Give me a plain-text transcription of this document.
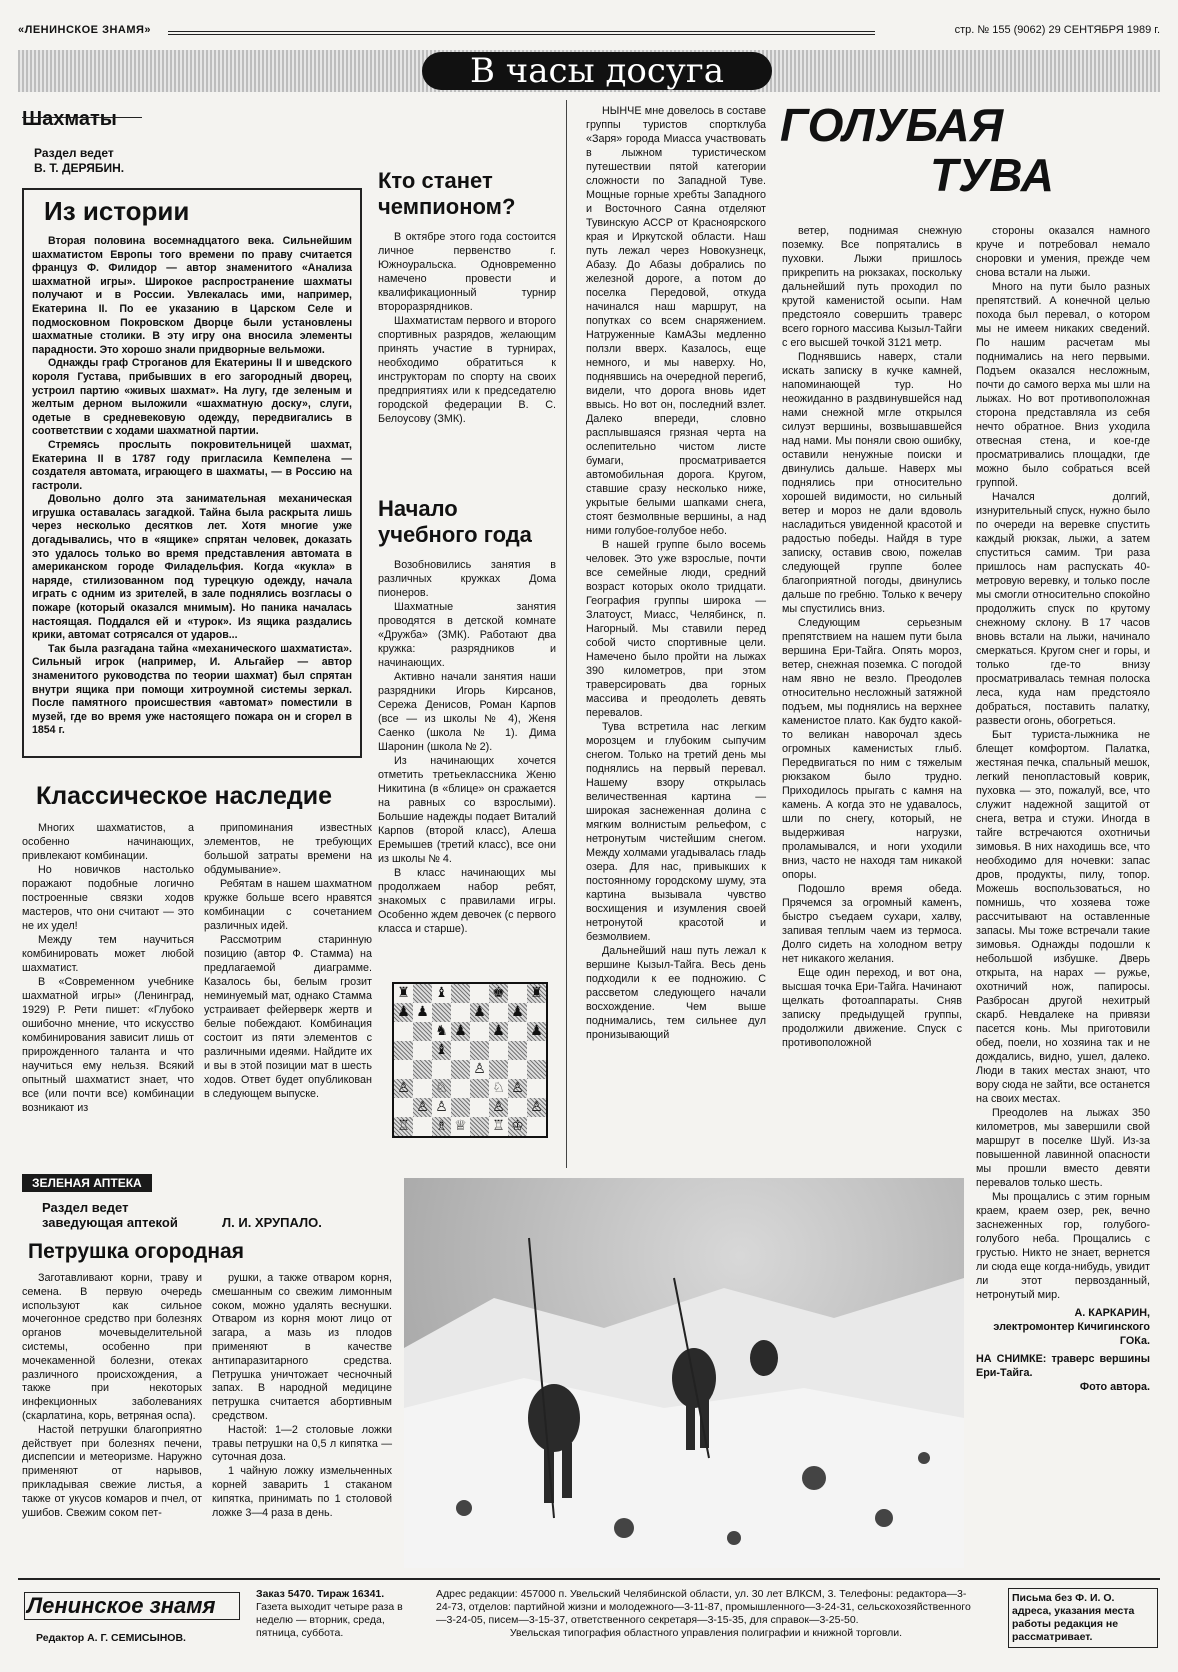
«ЛЕНИНСКОЕ ЗНАМЯ»	стр. № 155 (9062) 29 СЕНТЯБРЯ 1989 г.
В часы досуга
Шахматы
Раздел ведет
В. Т. ДЕРЯБИН.
Из истории

Вторая половина восемнадцатого века. Сильнейшим шахматистом Европы того времени по праву считается француз Ф. Филидор — автор знаменитого «Анализа шахматной игры». Широкое распространение шахматы получают и в России. Увлекалась ими, например, Екатерина II. По ее указанию в Царском Селе и подмосковном Покровском Дворце были установлены шахматные столики. В эту игру она вносила элементы парадности. Это хорошо знали придворные вельможи.

Однажды граф Строганов для Екатерины II и шведского короля Густава, прибывших в его загородный дворец, устроил партию «живых шахмат». На лугу, где зеленым и желтым дерном выложили «шахматную доску», слуги, одетые в средневековую одежду, передвигались в соответствии с ходами шахматной партии.

Стремясь прослыть покровительницей шахмат, Екатерина II в 1787 году пригласила Кемпелена — создателя автомата, играющего в шахматы, — в Россию на гастроли.

Довольно долго эта занимательная механическая игрушка оставалась загадкой. Тайна была раскрыта лишь через несколько десятков лет. Хотя многие уже догадывались, что в «ящике» спрятан человек, доказать это удалось только во время представления автомата в американском городе Филадельфия. Когда «кукла» в наряде, стилизованном под турецкую одежду, начала играть с одним из зрителей, в зале поднялись возгласы о пожаре (который оказался мнимым). Но паника началась настоящая. Поддался ей и «турок». Из ящика раздались крики, автомат сотрясался от ударов...

Так была разгадана тайна «механического шахматиста». Сильный игрок (например, И. Альгайер — автор знаменитого руководства по теории шахмат) был спрятан внутри ящика при помощи хитроумной системы зеркал. После памятного происшествия «автомат» поместили в музей, где во время уже настоящего пожара он и сгорел в 1854 г.

Кто станет чемпионом?

В октябре этого года состоится личное первенство г. Южноуральска. Одновременно намечено провести и квалификационный турнир второразрядников.

Шахматистам первого и второго спортивных разрядов, желающим принять участие в турнирах, необходимо обратиться к инструкторам по спорту на своих предприятиях или к председателю городской федерации В. С. Белоусову (ЗМК).

Начало учебного года

Возобновились занятия в различных кружках Дома пионеров.

Шахматные занятия проводятся в детской комнате «Дружба» (ЗМК). Работают два кружка: разрядников и начинающих.

Активно начали занятия наши разрядники Игорь Кирсанов, Сережа Денисов, Роман Карпов (все — из школы № 4), Женя Саенко (школа № 1). Дима Шаронин (школа № 2).

Из начинающих хочется отметить третьеклассника Женю Никитина (в «блице» он сражается на равных со взрослыми). Большие надежды подает Виталий Карпов (второй класс), Алеша Еремышев (третий класс), все они из школы № 4.

В класс начинающих мы продолжаем набор ребят, знакомых с правилами игры. Особенно ждем девочек (с первого класса и старше).

♜ ♝	♚ ♜
♟ ♟	♟ ♟
♞ ♟ ♟ ♟
♝
♙
♙ ♘	♘ ♙
♙ ♙	♙ ♙
♖ ♗ ♕ ♖ ♔
Классическое наследие

Многих шахматистов, а особенно начинающих, привлекают комбинации.

Но новичков настолько поражают подобные логично построенные связки ходов мастеров, что они считают — это не их удел!

Между тем научиться комбинировать может любой шахматист.

В «Современном учебнике шахматной игры» (Ленинград, 1929) Р. Рети пишет: «Глубоко ошибочно мнение, что искусство комбинирования зависит лишь от прирожденного таланта и что научиться ему нельзя. Всякий опытный шахматист знает, что все (или почти все) комбинации возникают из

припоминания известных элементов, не требующих большой затраты времени на обдумывание».

Ребятам в нашем шахматном кружке больше всего нравятся комбинации с сочетанием различных идей.

Рассмотрим старинную позицию (автор Ф. Стамма) на предлагаемой диаграмме. Казалось бы, белым грозит неминуемый мат, однако Стамма устраивает фейерверк жертв и белые побеждают. Комбинация состоит из пяти элементов с различными идеями. Найдите их и вы в этой позиции мат в шесть ходов. Ответ будет опубликован в следующем выпуске.

ЗЕЛЕНАЯ АПТЕКА
Раздел ведет заведующая аптекой	Л. И. ХРУПАЛО.
Петрушка огородная

Заготавливают корни, траву и семена. В первую очередь используют как сильное мочегонное средство при болезнях органов мочевыделительной системы, особенно при мочекаменной болезни, отеках различного происхождения, а также при некоторых инфекционных заболеваниях (скарлатина, корь, ветряная оспа).

Настой петрушки благоприятно действует при болезнях печени, диспепсии и метеоризме. Наружно применяют от нарывов, прикладывая свежие листья, а также от укусов комаров и пчел, от ушибов. Свежим соком пет-

рушки, а также отваром корня, смешанным со свежим лимонным соком, можно удалять веснушки. Отваром из корня моют лицо от загара, а мазь из плодов применяют в качестве антипаразитарного средства. Петрушка уничтожает чесночный запах. В народной медицине петрушка считается абортивным средством.

Настой: 1—2 столовые ложки травы петрушки на 0,5 л кипятка — суточная доза.

1 чайную ложку измельченных корней заварить 1 стаканом кипятка, принимать по 1 столовой ложке 3—4 раза в день.

ГОЛУБАЯ
ТУВА

НЫНЧЕ мне довелось в составе группы туристов спортклуба «Заря» города Миасса участвовать в лыжном туристическом путешествии пятой категории сложности по Западной Туве. Мощные горные хребты Западного и Восточного Саяна отделяют Тувинскую АССР от Красноярского края и Иркутской области. Наш путь лежал через Новокузнецк, Абазу. До Абазы добрались по железной дороге, а потом до поселка Передовой, откуда начинался наш маршрут, на попутках со всем снаряжением. Натруженные КамАЗы медленно ползли вверх. Казалось, еще немного, и мы наверху. Но, поднявшись на очередной перегиб, видели, что дорога вновь идет ввысь. Но вот он, последний взлет. Далеко впереди, словно расплывшаяся грязная черта на ослепительно чистом листе бумаги, просматривается автомобильная дорога. Кругом, ставшие сразу несколько ниже, укрытые белыми шапками снега, стоят безмолвные вершины, а над ними голубое-голубое небо.

В нашей группе было восемь человек. Это уже взрослые, почти все семейные люди, средний возраст которых около тридцати. География группы широка — Златоуст, Миасс, Челябинск, п. Нагорный. Мы ставили перед собой чисто спортивные цели. Намечено было пройти на лыжах 390 километров, при этом траверсировать два горных массива и преодолеть девять перевалов.

Тува встретила нас легким морозцем и глубоким сыпучим снегом. Только на третий день мы поднялись на первый перевал. Нашему взору открылась величественная картина — широкая заснеженная долина с мягким волнистым рельефом, с нетронутым чистейшим снегом. Между холмами угадывалась гладь озера. Для нас, привыкших к постоянному городскому шуму, эта картина вызывала чувство восхищения и изумления своей нетронутой красотой и безмолвием.

Дальнейший наш путь лежал к вершине Кызыл-Тайга. Весь день подходили к ее подножию. С рассветом следующего начали восхождение. Чем выше поднимались, тем сильнее дул пронизывающий

ветер, поднимая снежную поземку. Все попрятались в пуховки. Лыжи пришлось прикрепить на рюкзаках, поскольку дальнейший путь проходил по крутой каменистой осыпи. Нам предстояло совершить траверс всего горного массива Кызыл-Тайги с его высшей точкой 3121 метр.

Поднявшись наверх, стали искать записку в кучке камней, напоминающей тур. Но неожиданно в раздвинувшейся над нами снежной мгле открылся силуэт вершины, возвышавшейся над нами. Мы поняли свою ошибку, оставили ненужные поиски и двинулись дальше. Наверх мы поднялись при относительно хорошей видимости, но сильный ветер и мороз не дали вдоволь насладиться увиденной красотой и радостью победы. Найдя в туре записку, оставив свою, пожелав следующей группе более благоприятной погоды, двинулись дальше по гребню. Только к вечеру мы спустились вниз.

Следующим серьезным препятствием на нашем пути была вершина Ери-Тайга. Опять мороз, ветер, снежная поземка. С погодой нам явно не везло. Преодолев относительно несложный затяжной подъем, мы поднялись на верхнее каменистое плато. Как будто какой-то великан наворочал здесь огромных каменистых глыб. Передвигаться по ним с тяжелым рюкзаком было трудно. Приходилось прыгать с камня на камень. А когда это не удавалось, шли по снегу, который, не выдерживая нагрузки, проламывался, и ноги уходили вниз, часто не находя там никакой опоры.

Подошло время обеда. Прячемся за огромный каменъ, быстро съедаем сухари, халву, запивая теплым чаем из термоса. Долго сидеть на холодном ветру нет никакого желания.

Еще один переход, и вот она, высшая точка Ери-Тайга. Начинают щелкать фотоаппараты. Сняв записку предыдущей группы, продолжили движение. Спуск с противоположной

стороны оказался намного круче и потребовал немало сноровки и умения, прежде чем снова встали на лыжи.

Много на пути было разных препятствий. А конечной целью похода был перевал, о котором мы не имеем никаких сведений. По нашим расчетам мы поднимались на него первыми. Подъем оказался несложным, почти до самого верха мы шли на лыжах. Но вот противоположная сторона представляла из себя нечто обратное. Вниз уходила отвесная стена, и кое-где просматривались площадки, где можно было собраться всей группой.

Начался долгий, изнурительный спуск, нужно было по очереди на веревке спустить каждый рюкзак, лыжи, а затем спуститься самим. Три раза пришлось нам распускать 40-метровую веревку, и только после мы смогли относительно спокойно продолжить спуск по крутому снежному склону. В 17 часов вновь встали на лыжи, начинало смеркаться. Кругом снег и горы, и только где-то внизу просматривалась темная полоска леса, куда нам предстояло добраться, поставить палатку, развести огонь, обогреться.

Быт туриста-лыжника не блещет комфортом. Палатка, жестяная печка, спальный мешок, легкий пенопластовый коврик, пуховка — это, пожалуй, все, что служит надежной защитой от снега, ветра и стужи. Иногда в тайге встречаются охотничьи зимовья. В них находишь все, что необходимо для ночевки: запас дров, продукты, пилу, топор. Можешь воспользоваться, но помнишь, что хозяева тоже рассчитывают на оставленные запасы. Мы тоже встречали такие зимовья. Однажды подошли к небольшой избушке. Дверь открыта, на нарах — ружье, охотничий нож, папиросы. Разбросан другой нехитрый скарб. Невдалеке на привязи пасется конь. Мы приготовили обед, поели, но хозяина так и не дождались, видно, ушел, далеко. Люди в таких местах знают, что вору сюда не зайти, все останется на своих местах.

Преодолев на лыжах 350 километров, мы завершили свой маршрут в поселке Шуй. Из-за повышенной лавинной опасности мы прошли вместо девяти перевалов только шесть.

Мы прощались с этим горным краем, краем озер, рек, вечно заснеженных гор, голубого-голубого неба. Прощались с грустью. Никто не знает, вернется ли сюда еще когда-нибудь, увидит ли этот первозданный, нетронутый мир.

А. КАРКАРИН,
электромонтер Кичигинского ГОКа.
НА СНИМКЕ: траверс вершины Ери-Тайга.
Фото автора.
Ленинское знамя
Редактор А. Г. СЕМИСЫНОВ.
Заказ 5470. Тираж 16341.
Газета выходит четыре раза в неделю — вторник, среда, пятница, суббота.
Адрес редакции: 457000 п. Увельский Челябинской области, ул. 30 лет ВЛКСМ, 3. Телефоны: редактора—3-24-73, отделов: партийной жизни и молодежного—3-11-87, промышленного—3-24-31, сельскохозяйственного—3-24-05, писем—3-15-37, ответственного секретаря—3-15-35, для справок—3-25-50.
Увельская типография областного управления полиграфии и книжной торговли.
Письма без Ф. И. О. адреса, указания места работы редакция не рассматривает.
